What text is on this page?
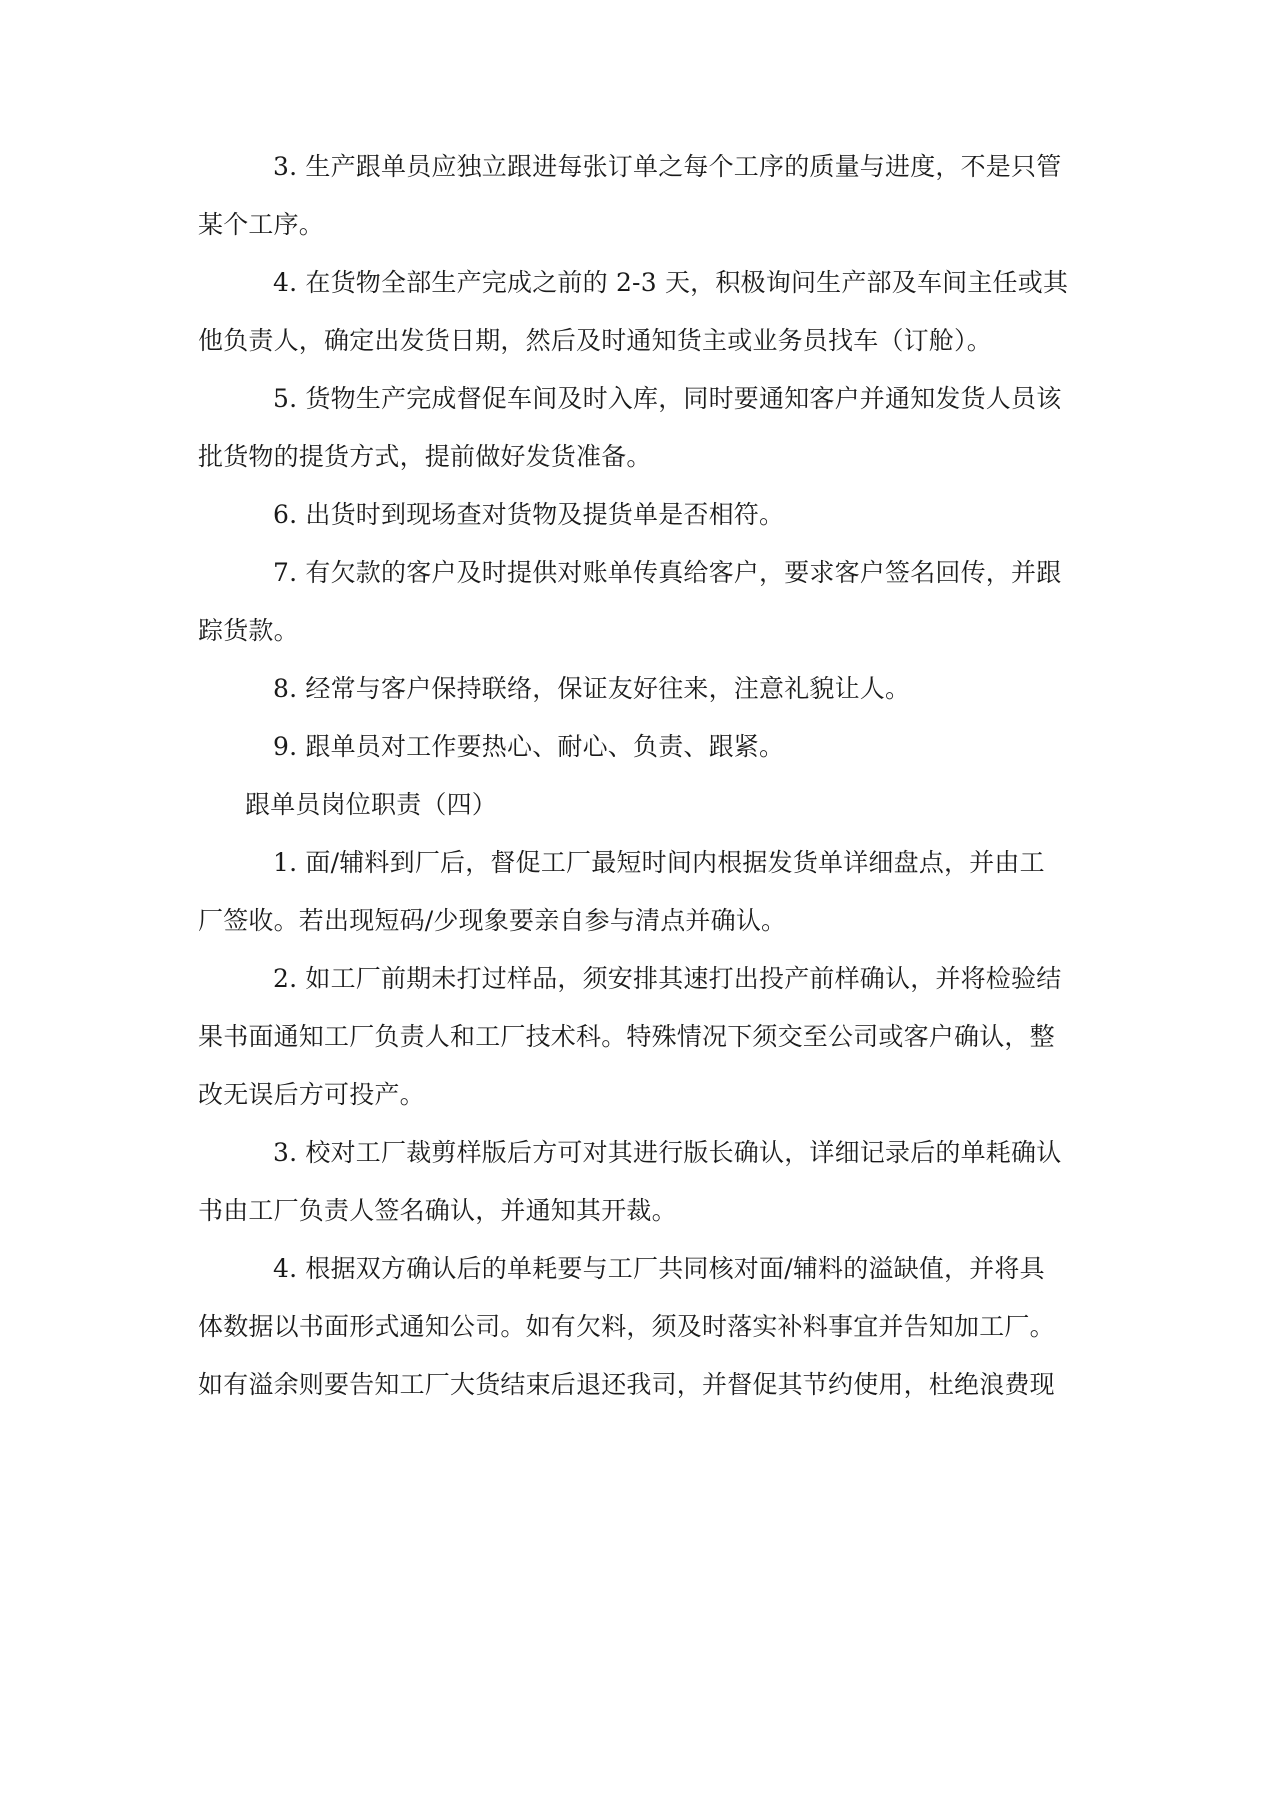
3. 生产跟单员应独立跟进每张订单之每个工序的质量与进度，不是只管
某个工序。
4. 在货物全部生产完成之前的 2-3 天，积极询问生产部及车间主任或其
他负责人，确定出发货日期，然后及时通知货主或业务员找车（订舱）。
5. 货物生产完成督促车间及时入库，同时要通知客户并通知发货人员该
批货物的提货方式，提前做好发货准备。
6. 出货时到现场查对货物及提货单是否相符。
7. 有欠款的客户及时提供对账单传真给客户，要求客户签名回传，并跟
踪货款。
8. 经常与客户保持联络，保证友好往来，注意礼貌让人。
9. 跟单员对工作要热心、耐心、负责、跟紧。
跟单员岗位职责（四）
1. 面/辅料到厂后，督促工厂最短时间内根据发货单详细盘点，并由工
厂签收。若出现短码/少现象要亲自参与清点并确认。
2. 如工厂前期未打过样品，须安排其速打出投产前样确认，并将检验结
果书面通知工厂负责人和工厂技术科。特殊情况下须交至公司或客户确认，整
改无误后方可投产。
3. 校对工厂裁剪样版后方可对其进行版长确认，详细记录后的单耗确认
书由工厂负责人签名确认，并通知其开裁。
4. 根据双方确认后的单耗要与工厂共同核对面/辅料的溢缺值，并将具
体数据以书面形式通知公司。如有欠料，须及时落实补料事宜并告知加工厂。
如有溢余则要告知工厂大货结束后退还我司，并督促其节约使用，杜绝浪费现
